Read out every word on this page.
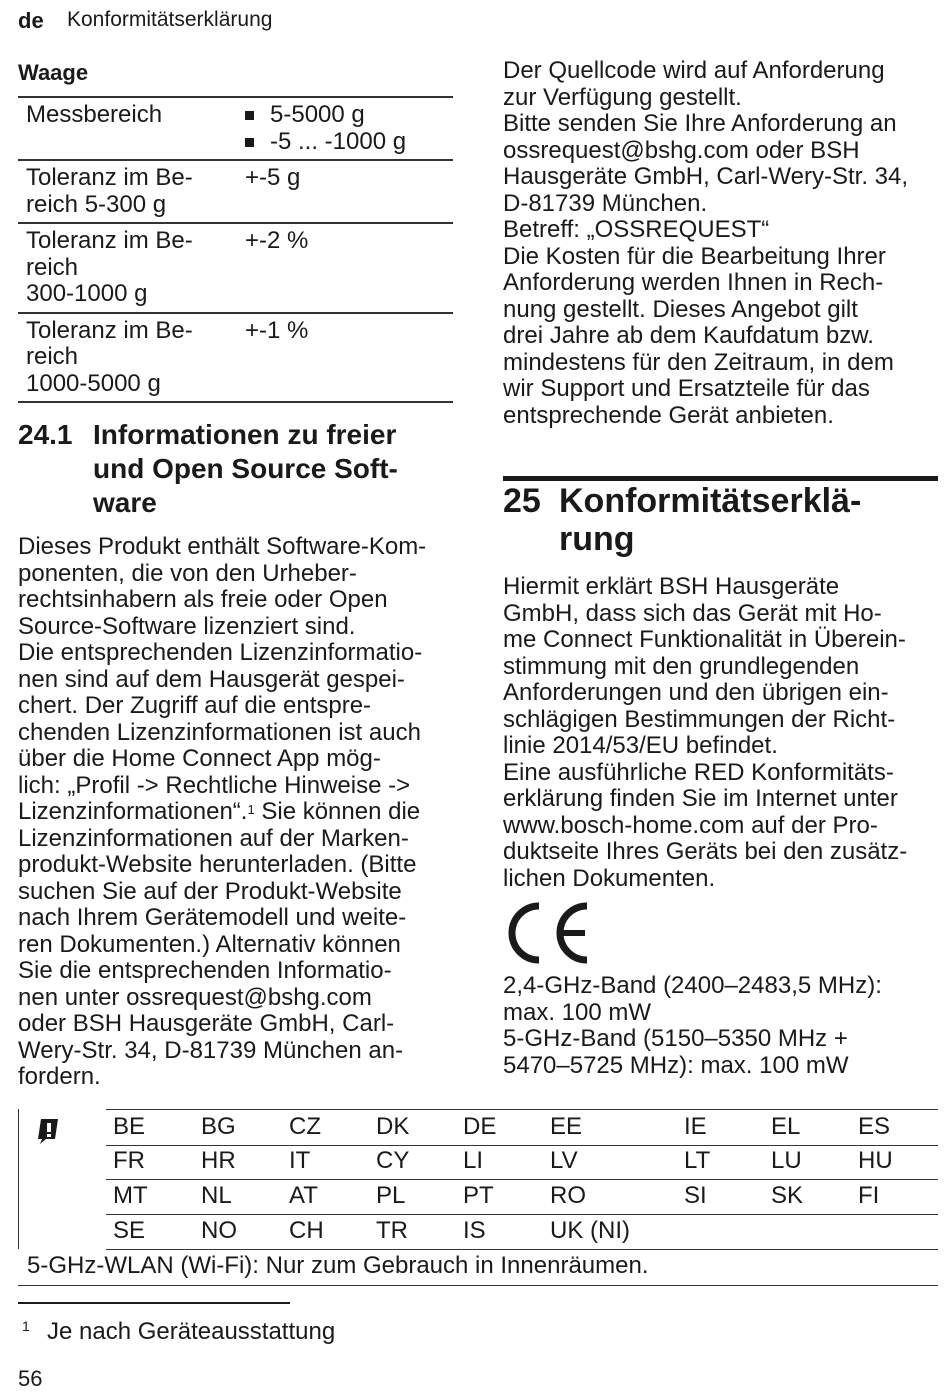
de Konformitätserklärung
Waage
Messbereich	5-5000 g
-5 ... -1000 g

Toleranz im Be-
reich 5-300 g	+-5 g
Toleranz im Be-
reich
300-1000 g	+-2 %
Toleranz im Be-
reich
1000-5000 g	+-1 %
24.1 Informationen zu freier
und Open Source Soft-
ware
Dieses Produkt enthält Software-Kom-
ponenten, die von den Urheber-
rechtsinhabern als freie oder Open
Source-Software lizenziert sind.
Die entsprechenden Lizenzinformatio-
nen sind auf dem Hausgerät gespei-
chert. Der Zugriff auf die entspre-
chenden Lizenzinformationen ist auch
über die Home Connect App mög-
lich: „Profil -> Rechtliche Hinweise ->
Lizenzinformationen“.$^1$ Sie können die
Lizenzinformationen auf der Marken-
produkt-Website herunterladen. (Bitte
suchen Sie auf der Produkt-Website
nach Ihrem Gerätemodell und weite-
ren Dokumenten.) Alternativ können
Sie die entsprechenden Informatio-
nen unter ossrequest@bshg.com
oder BSH Hausgeräte GmbH, Carl-
Wery-Str. 34, D-81739 München an-
fordern.
Der Quellcode wird auf Anforderung
zur Verfügung gestellt.
Bitte senden Sie Ihre Anforderung an
ossrequest@bshg.com oder BSH
Hausgeräte GmbH, Carl-Wery-Str. 34,
D-81739 München.
Betreff: „OSSREQUEST“
Die Kosten für die Bearbeitung Ihrer
Anforderung werden Ihnen in Rech-
nung gestellt. Dieses Angebot gilt
drei Jahre ab dem Kaufdatum bzw.
mindestens für den Zeitraum, in dem
wir Support und Ersatzteile für das
entsprechende Gerät anbieten.
25 Konformitätserklä-
rung
Hiermit erklärt BSH Hausgeräte
GmbH, dass sich das Gerät mit Ho-
me Connect Funktionalität in Überein-
stimmung mit den grundlegenden
Anforderungen und den übrigen ein-
schlägigen Bestimmungen der Richt-
linie 2014/53/EU befindet.
Eine ausführliche RED Konformitäts-
erklärung finden Sie im Internet unter
www.bosch-home.com auf der Pro-
duktseite Ihres Geräts bei den zusätz-
lichen Dokumenten.
2,4-GHz-Band (2400–2483,5 MHz):
max. 100 mW
5-GHz-Band (5150–5350 MHz +
5470–5725 MHz): max. 100 mW
BE BG CZ DK DE EE	IE	EL ES
FR HR IT	CY LI	LV	LT	LU HU
MT NL AT PL PT RO	SI	SK FI
SE NO CH TR IS	UK (NI)
5-GHz-WLAN (Wi-Fi): Nur zum Gebrauch in Innenräumen.
1 Je nach Geräteausstattung
56
